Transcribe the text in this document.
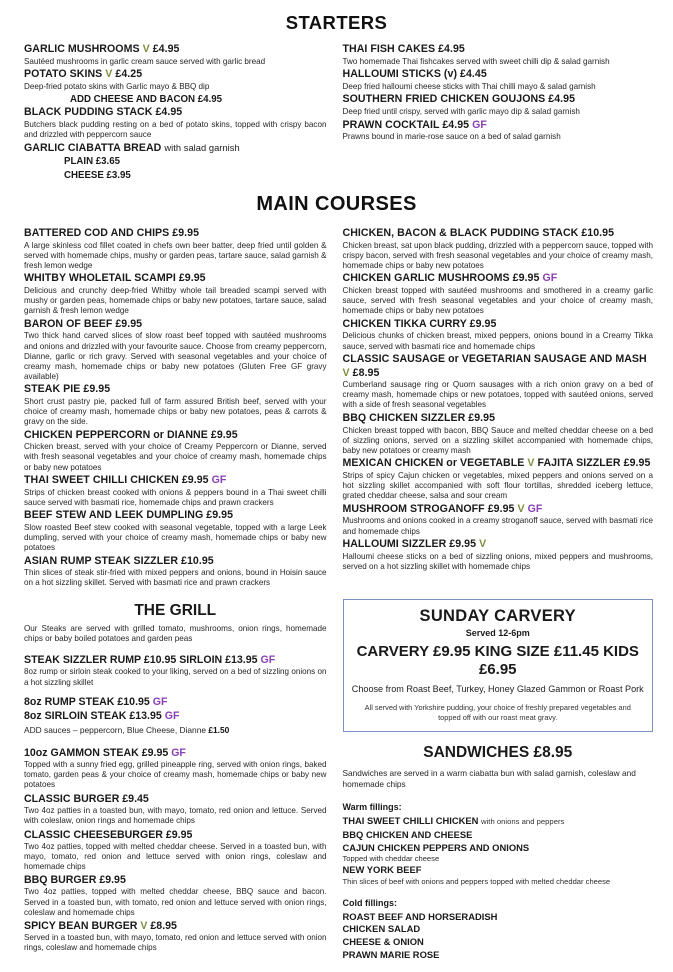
STARTERS
GARLIC MUSHROOMS V £4.95
Sautéed mushrooms in garlic cream sauce served with garlic bread
POTATO SKINS V £4.25
Deep-fried potato skins with Garlic mayo & BBQ dip
ADD CHEESE AND BACON £4.95
BLACK PUDDING STACK £4.95
Butchers black pudding resting on a bed of potato skins, topped with crispy bacon and drizzled with peppercorn sauce
GARLIC CIABATTA BREAD with salad garnish
PLAIN £3.65
CHEESE £3.95
THAI FISH CAKES £4.95
Two homemade Thai fishcakes served with sweet chilli dip & salad garnish
HALLOUMI STICKS (v) £4.45
Deep fried halloumi cheese sticks with Thai chilli mayo & salad garnish
SOUTHERN FRIED CHICKEN GOUJONS £4.95
Deep fried until crispy, served with garlic mayo dip & salad garnish
PRAWN COCKTAIL £4.95 GF
Prawns bound in marie-rose sauce on a bed of salad garnish
MAIN COURSES
BATTERED COD AND CHIPS £9.95
A large skinless cod fillet coated in chefs own beer batter, deep fried until golden & served with homemade chips, mushy or garden peas, tartare sauce, salad garnish & fresh lemon wedge
WHITBY WHOLETAIL SCAMPI £9.95
Delicious and crunchy deep-fried Whitby whole tail breaded scampi served with mushy or garden peas, homemade chips or baby new potatoes, tartare sauce, salad garnish & fresh lemon wedge
BARON OF BEEF £9.95
Two thick hand carved slices of slow roast beef topped with sautéed mushrooms and onions and drizzled with your favourite sauce. Choose from creamy peppercorn, Dianne, garlic or rich gravy. Served with seasonal vegetables and your choice of creamy mash, homemade chips or baby new potatoes (Gluten Free GF gravy available)
STEAK PIE £9.95
Short crust pastry pie, packed full of farm assured British beef, served with your choice of creamy mash, homemade chips or baby new potatoes, peas & carrots & gravy on the side.
CHICKEN PEPPERCORN or DIANNE £9.95
Chicken breast, served with your choice of Creamy Peppercorn or Dianne, served with fresh seasonal vegetables and your choice of creamy mash, homemade chips or baby new potatoes
THAI SWEET CHILLI CHICKEN £9.95 GF
Strips of chicken breast cooked with onions & peppers bound in a Thai sweet chilli sauce served with basmati rice, homemade chips and prawn crackers
BEEF STEW AND LEEK DUMPLING £9.95
Slow roasted Beef stew cooked with seasonal vegetable, topped with a large Leek dumpling, served with your choice of creamy mash, homemade chips or baby new potatoes
ASIAN RUMP STEAK SIZZLER £10.95
Thin slices of steak stir-fried with mixed peppers and onions, bound in Hoisin sauce on a hot sizzling skillet. Served with basmati rice and prawn crackers
CHICKEN, BACON & BLACK PUDDING STACK £10.95
Chicken breast, sat upon black pudding, drizzled with a peppercorn sauce, topped with crispy bacon, served with fresh seasonal vegetables and your choice of creamy mash, homemade chips or baby new potatoes
CHICKEN GARLIC MUSHROOMS £9.95 GF
Chicken breast topped with sautéed mushrooms and smothered in a creamy garlic sauce, served with fresh seasonal vegetables and your choice of creamy mash, homemade chips or baby new potatoes
CHICKEN TIKKA CURRY £9.95
Delicious chunks of chicken breast, mixed peppers, onions bound in a Creamy Tikka sauce, served with basmati rice and homemade chips
CLASSIC SAUSAGE or VEGETARIAN SAUSAGE AND MASH V £8.95
Cumberland sausage ring or Quorn sausages with a rich onion gravy on a bed of creamy mash, homemade chips or new potatoes, topped with sautéed onions, served with a side of fresh seasonal vegetables
BBQ CHICKEN SIZZLER £9.95
Chicken breast topped with bacon, BBQ Sauce and melted cheddar cheese on a bed of sizzling onions, served on a sizzling skillet accompanied with homemade chips, baby new potatoes or creamy mash
MEXICAN CHICKEN or VEGETABLE V FAJITA SIZZLER £9.95
Strips of spicy Cajun chicken or vegetables, mixed peppers and onions served on a hot sizzling skillet accompanied with soft flour tortillas, shredded iceberg lettuce, grated cheddar cheese, salsa and sour cream
MUSHROOM STROGANOFF £9.95 V GF
Mushrooms and onions cooked in a creamy stroganoff sauce, served with basmati rice and homemade chips
HALLOUMI SIZZLER £9.95 V
Halloumi cheese sticks on a bed of sizzling onions, mixed peppers and mushrooms, served on a hot sizzling skillet with homemade chips
THE GRILL
Our Steaks are served with grilled tomato, mushrooms, onion rings, homemade chips or baby boiled potatoes and garden peas
STEAK SIZZLER RUMP £10.95 SIRLOIN £13.95 GF
8oz rump or sirloin steak cooked to your liking, served on a bed of sizzling onions on a hot sizzling skillet
8oz RUMP STEAK £10.95 GF
8oz SIRLOIN STEAK £13.95 GF
ADD sauces – peppercorn, Blue Cheese, Dianne £1.50
10oz GAMMON STEAK £9.95 GF
Topped with a sunny fried egg, grilled pineapple ring, served with onion rings, baked tomato, garden peas & your choice of creamy mash, homemade chips or baby new potatoes
CLASSIC BURGER £9.45
Two 4oz patties in a toasted bun, with mayo, tomato, red onion and lettuce. Served with coleslaw, onion rings and homemade chips
CLASSIC CHEESEBURGER £9.95
Two 4oz patties, topped with melted cheddar cheese. Served in a toasted bun, with mayo, tomato, red onion and lettuce served with onion rings, coleslaw and homemade chips
BBQ BURGER £9.95
Two 4oz patties, topped with melted cheddar cheese, BBQ sauce and bacon. Served in a toasted bun, with tomato, red onion and lettuce served with onion rings, coleslaw and homemade chips
SPICY BEAN BURGER V £8.95
Served in a toasted bun, with mayo, tomato, red onion and lettuce served with onion rings, coleslaw and homemade chips
SUNDAY CARVERY
Served 12-6pm
CARVERY £9.95 KING SIZE £11.45 KIDS £6.95
Choose from Roast Beef, Turkey, Honey Glazed Gammon or Roast Pork
All served with Yorkshire pudding, your choice of freshly prepared vegetables and topped off with our roast meat gravy.
SANDWICHES £8.95
Sandwiches are served in a warm ciabatta bun with salad garnish, coleslaw and homemade chips
Warm fillings:
THAI SWEET CHILLI CHICKEN with onions and peppers
BBQ CHICKEN AND CHEESE
CAJUN CHICKEN PEPPERS AND ONIONS
Topped with cheddar cheese
NEW YORK BEEF
Thin slices of beef with onions and peppers topped with melted cheddar cheese
Cold fillings:
ROAST BEEF AND HORSERADISH
CHICKEN SALAD
CHEESE & ONION
PRAWN MARIE ROSE
